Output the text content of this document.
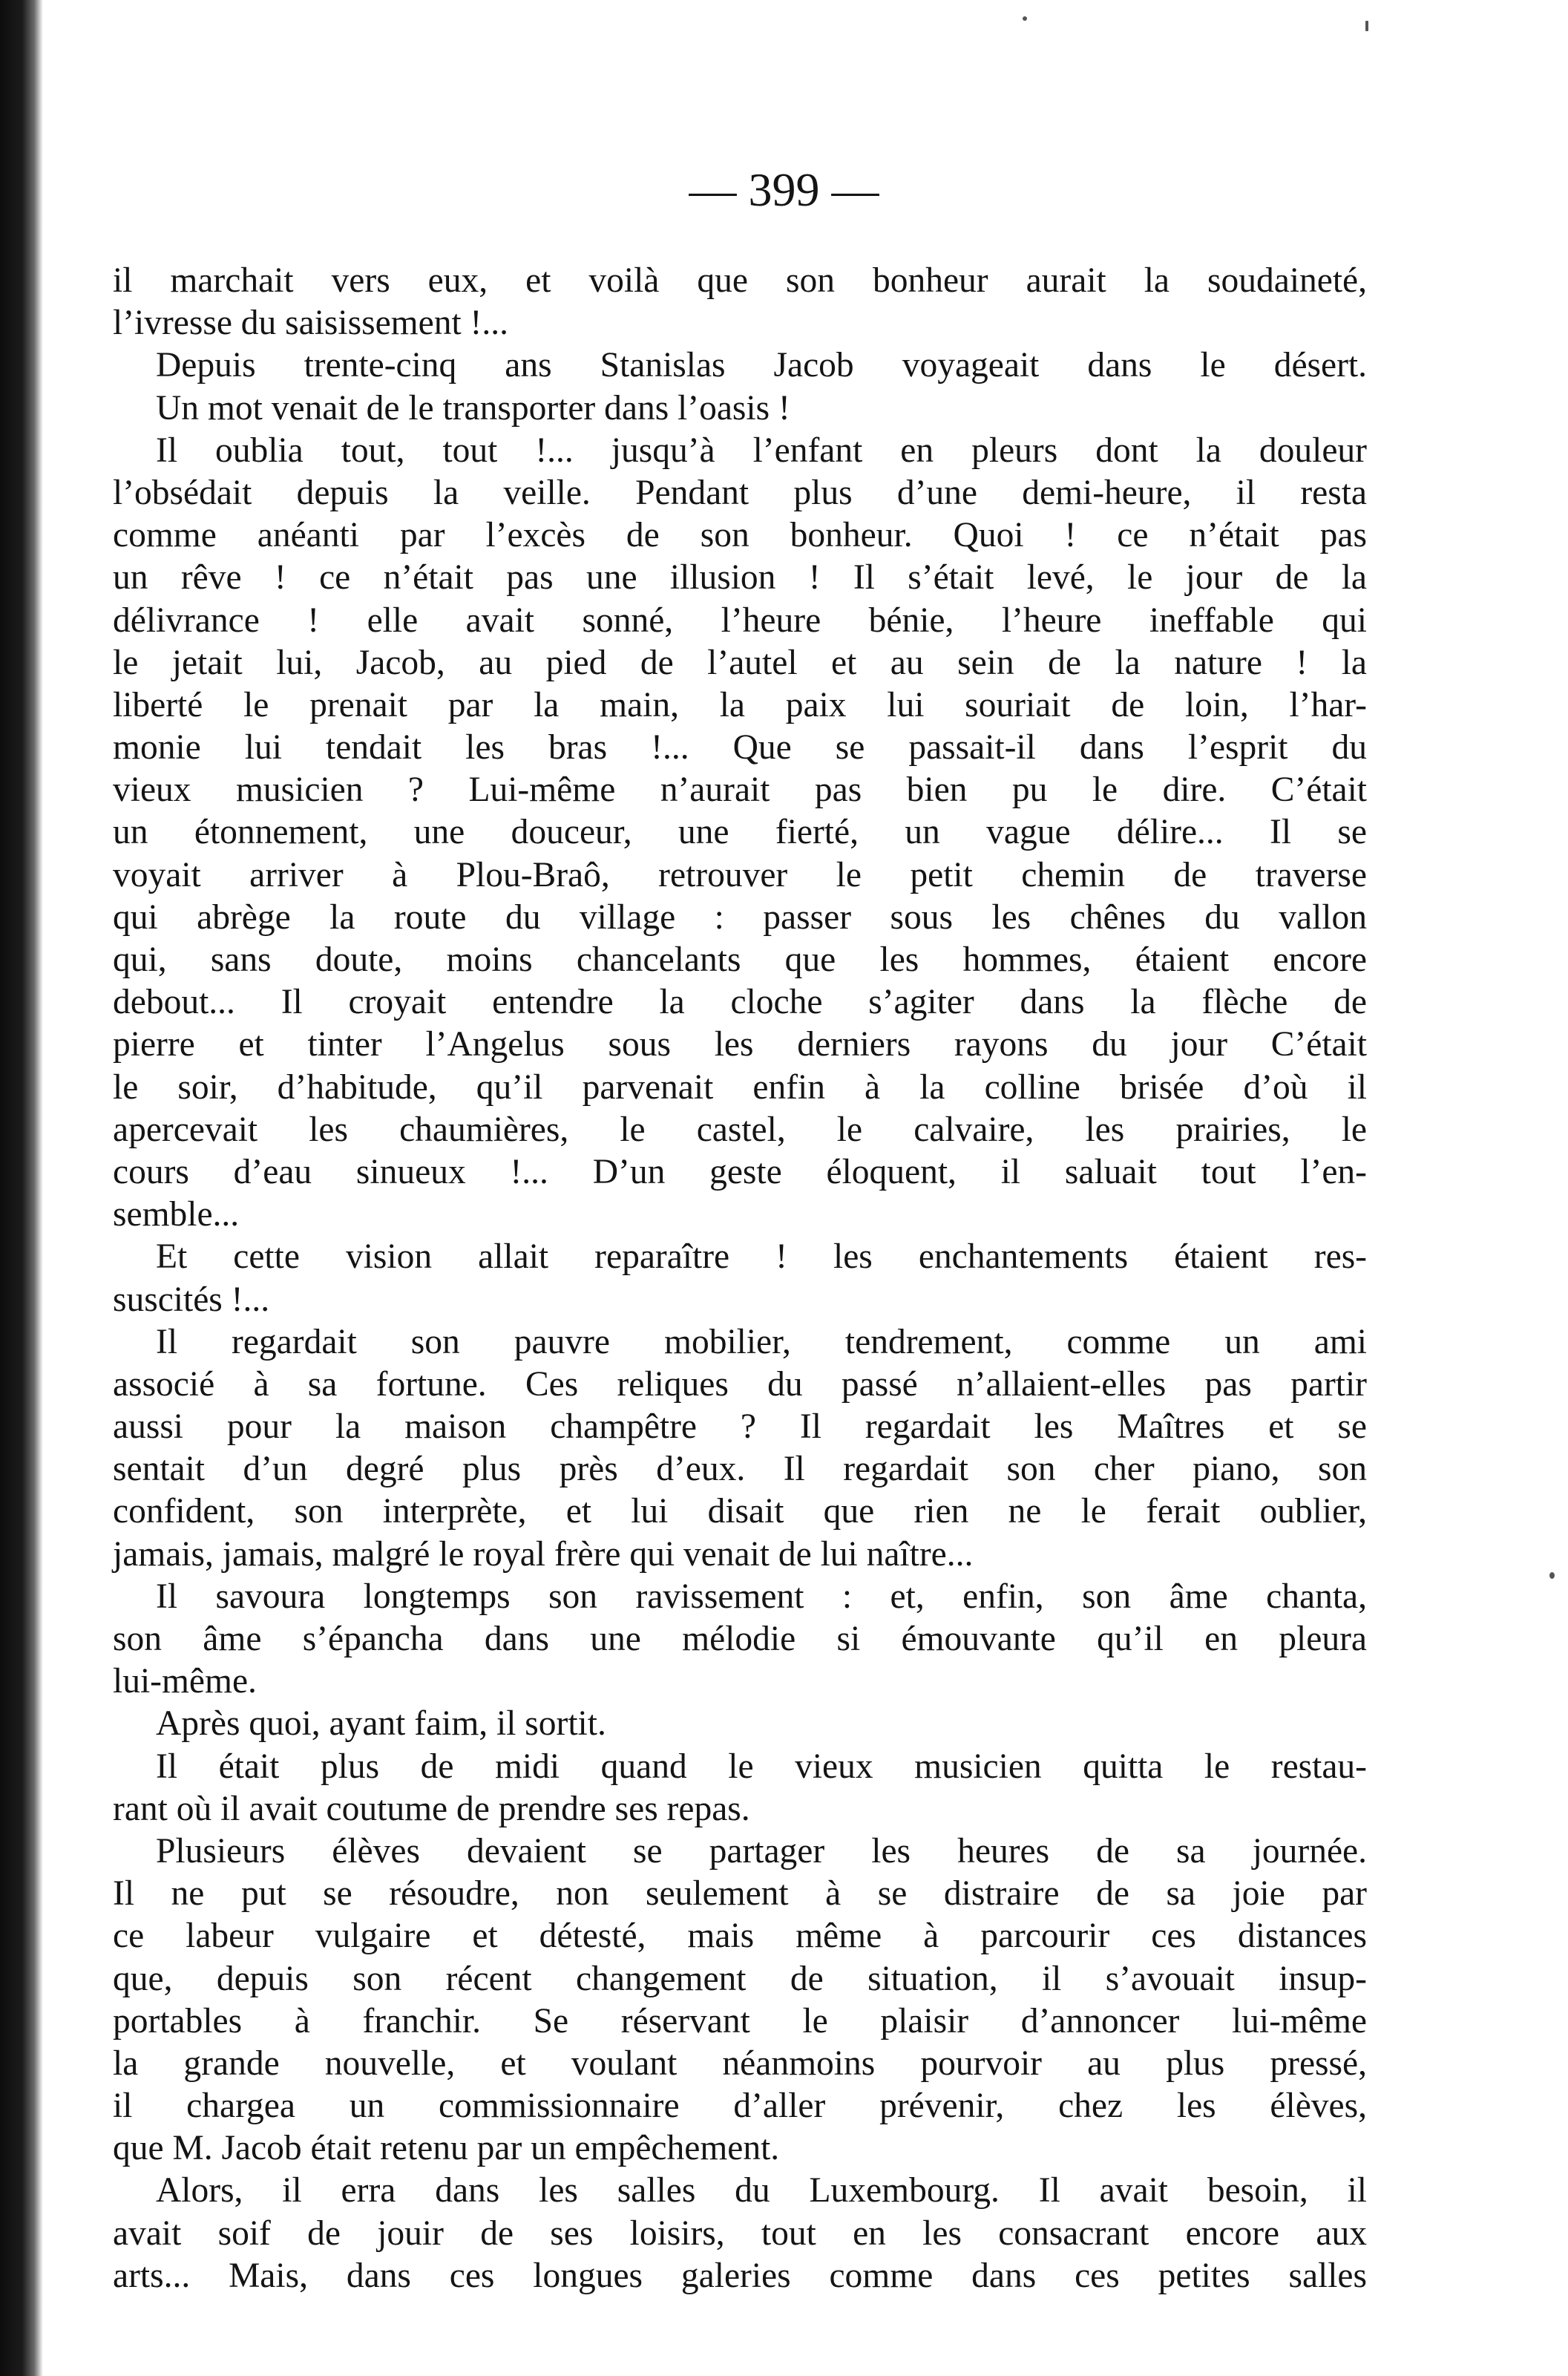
— 399 —
il marchait vers eux, et voilà que son bonheur aurait la soudaineté,
l’ivresse du saisissement !...
Depuis trente-cinq ans Stanislas Jacob voyageait dans le désert.
Un mot venait de le transporter dans l’oasis !
Il oublia tout, tout !... jusqu’à l’enfant en pleurs dont la douleur
l’obsédait depuis la veille. Pendant plus d’une demi-heure, il resta
comme anéanti par l’excès de son bonheur. Quoi ! ce n’était pas
un rêve ! ce n’était pas une illusion ! Il s’était levé, le jour de la
délivrance ! elle avait sonné, l’heure bénie, l’heure ineffable qui
le jetait lui, Jacob, au pied de l’autel et au sein de la nature ! la
liberté le prenait par la main, la paix lui souriait de loin, l’har-
monie lui tendait les bras !... Que se passait-il dans l’esprit du
vieux musicien ? Lui-même n’aurait pas bien pu le dire. C’était
un étonnement, une douceur, une fierté, un vague délire... Il se
voyait arriver à Plou-Braô, retrouver le petit chemin de traverse
qui abrège la route du village : passer sous les chênes du vallon
qui, sans doute, moins chancelants que les hommes, étaient encore
debout... Il croyait entendre la cloche s’agiter dans la flèche de
pierre et tinter l’Angelus sous les derniers rayons du jour C’était
le soir, d’habitude, qu’il parvenait enfin à la colline brisée d’où il
apercevait les chaumières, le castel, le calvaire, les prairies, le
cours d’eau sinueux !... D’un geste éloquent, il saluait tout l’en-
semble...
Et cette vision allait reparaître ! les enchantements étaient res-
suscités !...
Il regardait son pauvre mobilier, tendrement, comme un ami
associé à sa fortune. Ces reliques du passé n’allaient-elles pas partir
aussi pour la maison champêtre ? Il regardait les Maîtres et se
sentait d’un degré plus près d’eux. Il regardait son cher piano, son
confident, son interprète, et lui disait que rien ne le ferait oublier,
jamais, jamais, malgré le royal frère qui venait de lui naître...
Il savoura longtemps son ravissement : et, enfin, son âme chanta,
son âme s’épancha dans une mélodie si émouvante qu’il en pleura
lui-même.
Après quoi, ayant faim, il sortit.
Il était plus de midi quand le vieux musicien quitta le restau-
rant où il avait coutume de prendre ses repas.
Plusieurs élèves devaient se partager les heures de sa journée.
Il ne put se résoudre, non seulement à se distraire de sa joie par
ce labeur vulgaire et détesté, mais même à parcourir ces distances
que, depuis son récent changement de situation, il s’avouait insup-
portables à franchir. Se réservant le plaisir d’annoncer lui-même
la grande nouvelle, et voulant néanmoins pourvoir au plus pressé,
il chargea un commissionnaire d’aller prévenir, chez les élèves,
que M. Jacob était retenu par un empêchement.
Alors, il erra dans les salles du Luxembourg. Il avait besoin, il
avait soif de jouir de ses loisirs, tout en les consacrant encore aux
arts... Mais, dans ces longues galeries comme dans ces petites salles
